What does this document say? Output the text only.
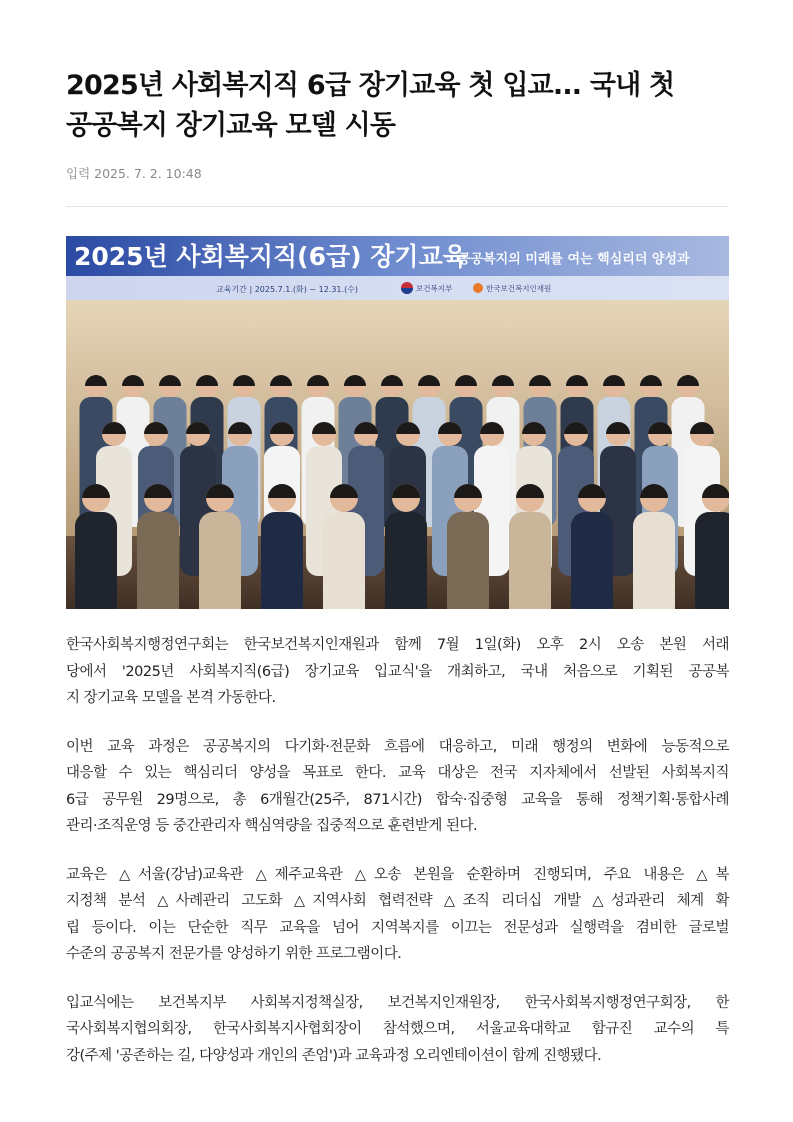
2025년 사회복지직 6급 장기교육 첫 입교... 국내 첫
공공복지 장기교육 모델 시동
입력 2025. 7. 2. 10:48
2025년 사회복지직(6급) 장기교육
공공복지의 미래를 여는 핵심리더 양성과
교육기간 | 2025.7.1.(화) ~ 12.31.(수)	보건복지부	한국보건복지인재원

한국사회복지행정연구회는 한국보건복지인재원과 함께 7월 1일(화) 오후 2시 오송 본원 서래
당에서 '2025년 사회복지직(6급) 장기교육 입교식'을 개최하고, 국내 처음으로 기획된 공공복
지 장기교육 모델을 본격 가동한다.

이번 교육 과정은 공공복지의 다기화·전문화 흐름에 대응하고, 미래 행정의 변화에 능동적으로
대응할 수 있는 핵심리더 양성을 목표로 한다. 교육 대상은 전국 지자체에서 선발된 사회복지직
6급 공무원 29명으로, 총 6개월간(25주, 871시간) 합숙·집중형 교육을 통해 정책기획·통합사례
관리·조직운영 등 중간관리자 핵심역량을 집중적으로 훈련받게 된다.

교육은 △서울(강남)교육관 △제주교육관 △오송 본원을 순환하며 진행되며, 주요 내용은 △복
지정책 분석 △사례관리 고도화 △지역사회 협력전략 △조직 리더십 개발 △성과관리 체계 확
립 등이다. 이는 단순한 직무 교육을 넘어 지역복지를 이끄는 전문성과 실행력을 겸비한 글로벌
수준의 공공복지 전문가를 양성하기 위한 프로그램이다.

입교식에는 보건복지부 사회복지정책실장, 보건복지인재원장, 한국사회복지행정연구회장, 한
국사회복지협의회장, 한국사회복지사협회장이 참석했으며, 서울교육대학교 함규진 교수의 특
강(주제 '공존하는 길, 다양성과 개인의 존엄')과 교육과정 오리엔테이션이 함께 진행됐다.
